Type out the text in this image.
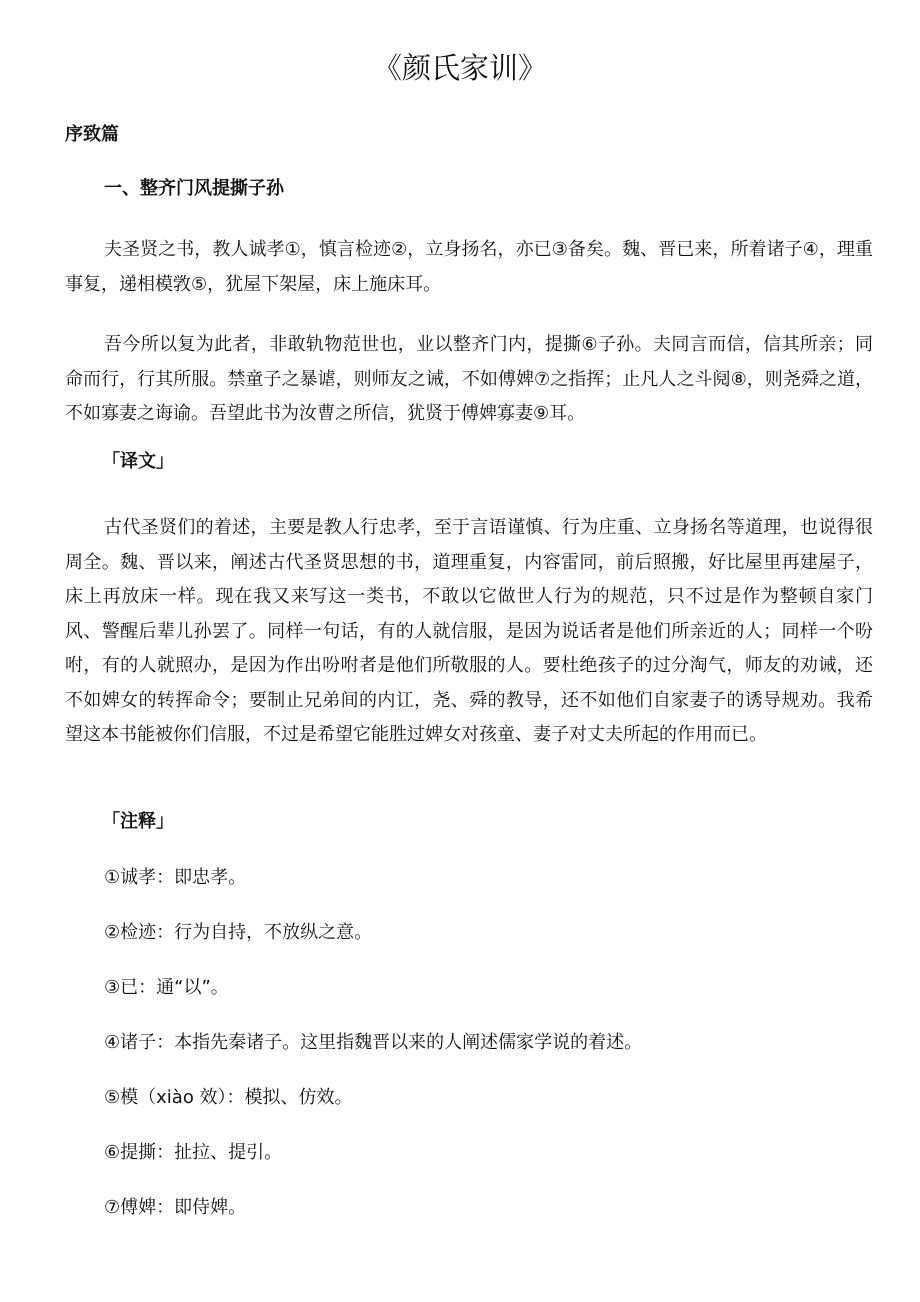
《颜氏家训》
序致篇
一、整齐门风提撕子孙

夫圣贤之书，教人诚孝①，慎言检迹②，立身扬名，亦已③备矣。魏、晋已来，所着诸子④，理重事复，递相模敩⑤，犹屋下架屋，床上施床耳。

吾今所以复为此者，非敢轨物范世也，业以整齐门内，提撕⑥子孙。夫同言而信，信其所亲；同命而行，行其所服。禁童子之暴谑，则师友之诫，不如傅婢⑦之指挥；止凡人之斗阋⑧，则尧舜之道，不如寡妻之诲谕。吾望此书为汝曹之所信，犹贤于傅婢寡妻⑨耳。

「译文」

古代圣贤们的着述，主要是教人行忠孝，至于言语谨慎、行为庄重、立身扬名等道理，也说得很周全。魏、晋以来，阐述古代圣贤思想的书，道理重复，内容雷同，前后照搬，好比屋里再建屋子，床上再放床一样。现在我又来写这一类书，不敢以它做世人行为的规范，只不过是作为整顿自家门风、警醒后辈儿孙罢了。同样一句话，有的人就信服，是因为说话者是他们所亲近的人；同样一个吩咐，有的人就照办，是因为作出吩咐者是他们所敬服的人。要杜绝孩子的过分淘气，师友的劝诫，还不如婢女的转挥命令；要制止兄弟间的内讧，尧、舜的教导，还不如他们自家妻子的诱导规劝。我希望这本书能被你们信服，不过是希望它能胜过婢女对孩童、妻子对丈夫所起的作用而已。

「注释」
①诚孝：即忠孝。
②检迹：行为自持，不放纵之意。
③已：通“以”。
④诸子：本指先秦诸子。这里指魏晋以来的人阐述儒家学说的着述。
⑤模（xiào 效）：模拟、仿效。
⑥提撕：扯拉、提引。
⑦傅婢：即侍婢。
